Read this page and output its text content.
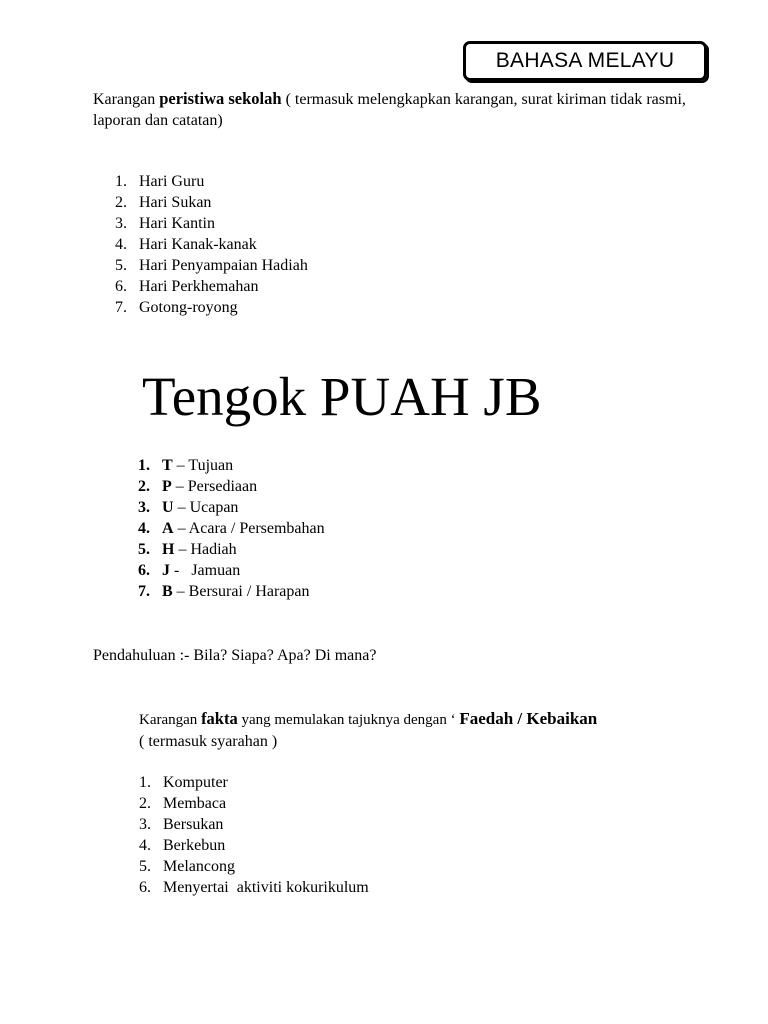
BAHASA MELAYU
Karangan peristiwa sekolah ( termasuk melengkapkan karangan, surat kiriman tidak rasmi, laporan dan catatan)
1. Hari Guru
2. Hari Sukan
3. Hari Kantin
4. Hari Kanak-kanak
5. Hari Penyampaian Hadiah
6. Hari Perkhemahan
7. Gotong-royong
Tengok PUAH JB
1. T – Tujuan
2. P – Persediaan
3. U – Ucapan
4. A – Acara / Persembahan
5. H – Hadiah
6. J -   Jamuan
7. B – Bersurai / Harapan
Pendahuluan :- Bila? Siapa? Apa? Di mana?
Karangan fakta yang memulakan tajuknya dengan ‘ Faedah / Kebaikan
( termasuk syarahan )
1. Komputer
2. Membaca
3. Bersukan
4. Berkebun
5. Melancong
6. Menyertai  aktiviti kokurikulum
